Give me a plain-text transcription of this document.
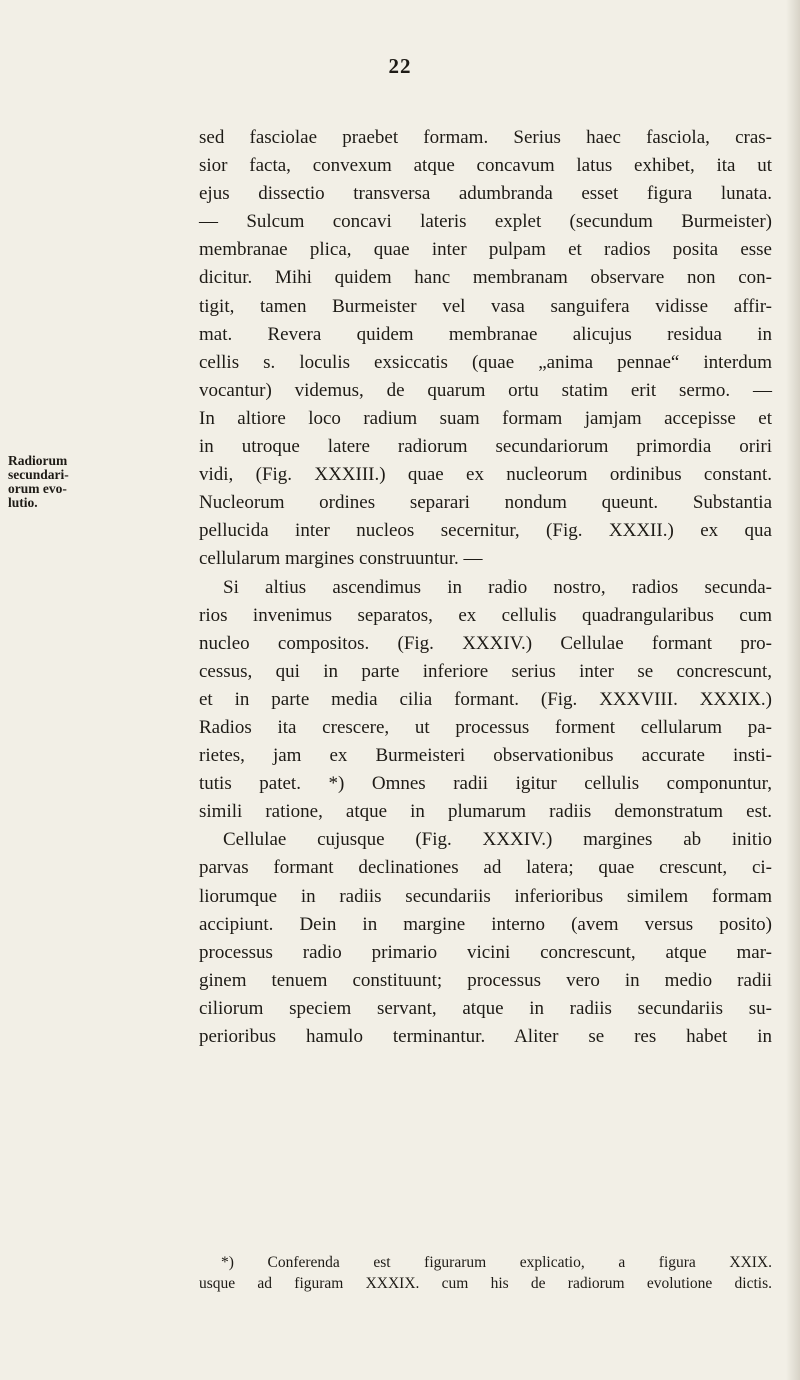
22
Radiorum
secundari-
orum evo-
lutio.
sed fasciolae praebet formam. Serius haec fasciola, cras-
sior facta, convexum atque concavum latus exhibet, ita ut
ejus dissectio transversa adumbranda esset figura lunata.
— Sulcum concavi lateris explet (secundum Burmeister)
membranae plica, quae inter pulpam et radios posita esse
dicitur. Mihi quidem hanc membranam observare non con-
tigit, tamen Burmeister vel vasa sanguifera vidisse affir-
mat. Revera quidem membranae alicujus residua in
cellis s. loculis exsiccatis (quae „anima pennae“ interdum
vocantur) videmus, de quarum ortu statim erit sermo. —
In altiore loco radium suam formam jamjam accepisse et
in utroque latere radiorum secundariorum primordia oriri
vidi, (Fig. XXXIII.) quae ex nucleorum ordinibus constant.
Nucleorum ordines separari nondum queunt. Substantia
pellucida inter nucleos secernitur, (Fig. XXXII.) ex qua
cellularum margines construuntur. —
Si altius ascendimus in radio nostro, radios secunda-
rios invenimus separatos, ex cellulis quadrangularibus cum
nucleo compositos. (Fig. XXXIV.) Cellulae formant pro-
cessus, qui in parte inferiore serius inter se concrescunt,
et in parte media cilia formant. (Fig. XXXVIII. XXXIX.)
Radios ita crescere, ut processus forment cellularum pa-
rietes, jam ex Burmeisteri observationibus accurate insti-
tutis patet. *) Omnes radii igitur cellulis componuntur,
simili ratione, atque in plumarum radiis demonstratum est.
Cellulae cujusque (Fig. XXXIV.) margines ab initio
parvas formant declinationes ad latera; quae crescunt, ci-
liorumque in radiis secundariis inferioribus similem formam
accipiunt. Dein in margine interno (avem versus posito)
processus radio primario vicini concrescunt, atque mar-
ginem tenuem constituunt; processus vero in medio radii
ciliorum speciem servant, atque in radiis secundariis su-
perioribus hamulo terminantur. Aliter se res habet in
*) Conferenda est figurarum explicatio, a figura XXIX.
usque ad figuram XXXIX. cum his de radiorum evolutione dictis.
